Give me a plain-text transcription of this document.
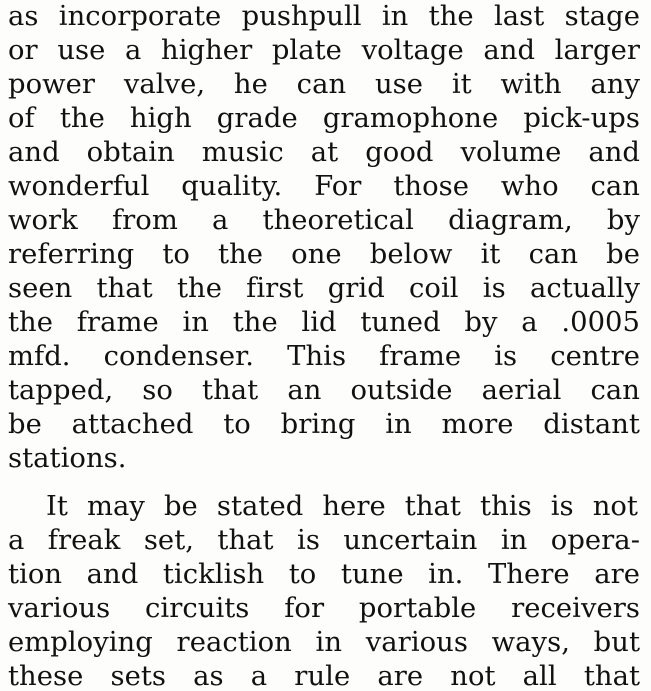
as incorporate pushpull in the last stage
or use a higher plate voltage and larger
power valve, he can use it with any
of the high grade gramophone pick-ups
and obtain music at good volume and
wonderful quality. For those who can
work from a theoretical diagram, by
referring to the one below it can be
seen that the first grid coil is actually
the frame in the lid tuned by a .0005
mfd. condenser. This frame is centre
tapped, so that an outside aerial can
be attached to bring in more distant
stations.
It may be stated here that this is not
a freak set, that is uncertain in opera-
tion and ticklish to tune in. There are
various circuits for portable receivers
employing reaction in various ways, but
these sets as a rule are not all that
